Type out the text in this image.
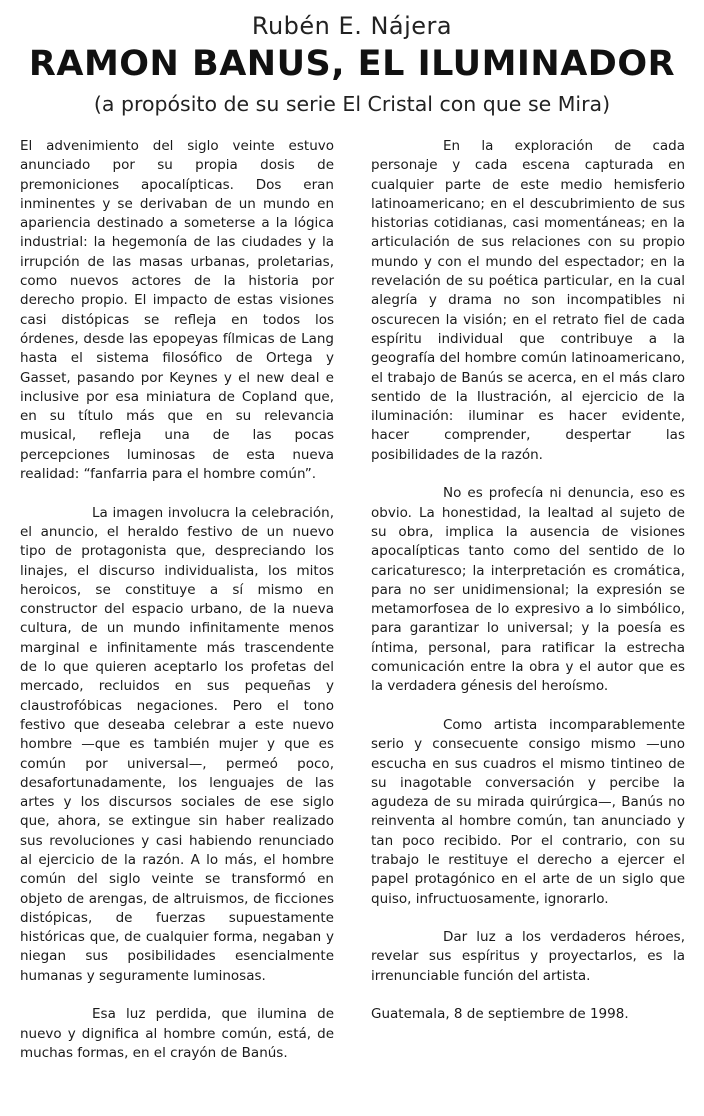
Rubén E. Nájera
RAMON BANUS, EL ILUMINADOR
(a propósito de su serie El Cristal con que se Mira)

El advenimiento del siglo veinte estuvo anunciado por su propia dosis de premoniciones apocalípticas. Dos eran inminentes y se derivaban de un mundo en apariencia destinado a someterse a la lógica industrial: la hegemonía de las ciudades y la irrupción de las masas urbanas, proletarias, como nuevos actores de la historia por derecho propio. El impacto de estas visiones casi distópicas se refleja en todos los órdenes, desde las epopeyas fílmicas de Lang hasta el sistema filosófico de Ortega y Gasset, pasando por Keynes y el new deal e inclusive por esa miniatura de Copland que, en su título más que en su relevancia musical, refleja una de las pocas percepciones luminosas de esta nueva realidad: “fanfarria para el hombre común”.

La imagen involucra la celebración, el anuncio, el heraldo festivo de un nuevo tipo de protagonista que, despreciando los linajes, el discurso individualista, los mitos heroicos, se constituye a sí mismo en constructor del espacio urbano, de la nueva cultura, de un mundo infinitamente menos marginal e infinitamente más trascendente de lo que quieren aceptarlo los profetas del mercado, recluidos en sus pequeñas y claustrofóbicas negaciones. Pero el tono festivo que deseaba celebrar a este nuevo hombre —que es también mujer y que es común por universal—, permeó poco, desafortunadamente, los lenguajes de las artes y los discursos sociales de ese siglo que, ahora, se extingue sin haber realizado sus revoluciones y casi habiendo renunciado al ejercicio de la razón. A lo más, el hombre común del siglo veinte se transformó en objeto de arengas, de altruismos, de ficciones distópicas, de fuerzas supuestamente históricas que, de cualquier forma, negaban y niegan sus posibilidades esencialmente humanas y seguramente luminosas.

Esa luz perdida, que ilumina de nuevo y dignifica al hombre común, está, de muchas formas, en el crayón de Banús.

En la exploración de cada personaje y cada escena capturada en cualquier parte de este medio hemisferio latinoamericano; en el descubrimiento de sus historias cotidianas, casi momentáneas; en la articulación de sus relaciones con su propio mundo y con el mundo del espectador; en la revelación de su poética particular, en la cual alegría y drama no son incompatibles ni oscurecen la visión; en el retrato fiel de cada espíritu individual que contribuye a la geografía del hombre común latinoamericano, el trabajo de Banús se acerca, en el más claro sentido de la Ilustración, al ejercicio de la iluminación: iluminar es hacer evidente, hacer comprender, despertar las posibilidades de la razón.

No es profecía ni denuncia, eso es obvio. La honestidad, la lealtad al sujeto de su obra, implica la ausencia de visiones apocalípticas tanto como del sentido de lo caricaturesco; la interpretación es cromática, para no ser unidimensional; la expresión se metamorfosea de lo expresivo a lo simbólico, para garantizar lo universal; y la poesía es íntima, personal, para ratificar la estrecha comunicación entre la obra y el autor que es la verdadera génesis del heroísmo.

Como artista incomparablemente serio y consecuente consigo mismo —uno escucha en sus cuadros el mismo tintineo de su inagotable conversación y percibe la agudeza de su mirada quirúrgica—, Banús no reinventa al hombre común, tan anunciado y tan poco recibido. Por el contrario, con su trabajo le restituye el derecho a ejercer el papel protagónico en el arte de un siglo que quiso, infructuosamente, ignorarlo.

Dar luz a los verdaderos héroes, revelar sus espíritus y proyectarlos, es la irrenunciable función del artista.

Guatemala, 8 de septiembre de 1998.
